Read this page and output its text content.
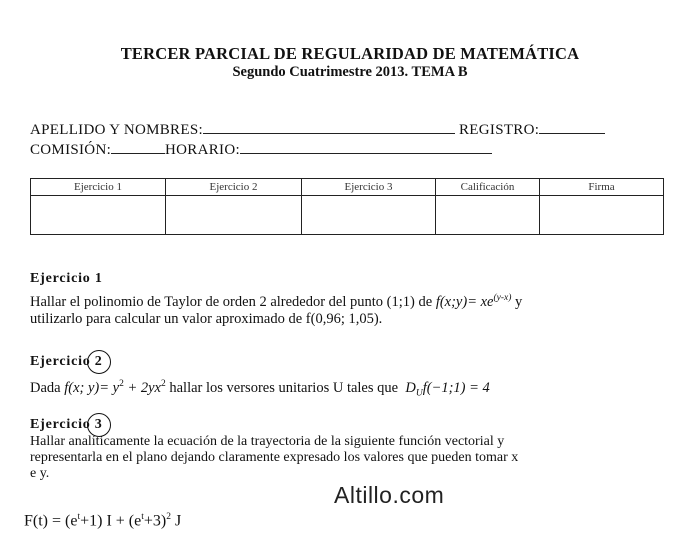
TERCER PARCIAL DE REGULARIDAD DE MATEMÁTICA
Segundo Cuatrimestre 2013. TEMA B
APELLIDO Y NOMBRES:	REGISTRO:
COMISIÓN:	HORARIO:
Ejercicio 1	Ejercicio 2	Ejercicio 3	Calificación	Firma

Ejercicio 1
Hallar el polinomio de Taylor de orden 2 alrededor del punto (1;1) de f(x;y)= $xe^{(y-x)}$ y
utilizarlo para calcular un valor aproximado de f(0,96; 1,05).
Ejercicio 2
Dada f(x; $y)= y^2 + 2yx^2$ hallar los versores unitarios U tales que $D_Uf(-1;1) = 4$
Ejercicio 3
Hallar analíticamente la ecuación de la trayectoria de la siguiente función vectorial y
representarla en el plano dejando claramente expresado los valores que pueden tomar x
e y.
Altillo.com
$F(t) = (e^t+1) I + (e^t+3)^2$ J
